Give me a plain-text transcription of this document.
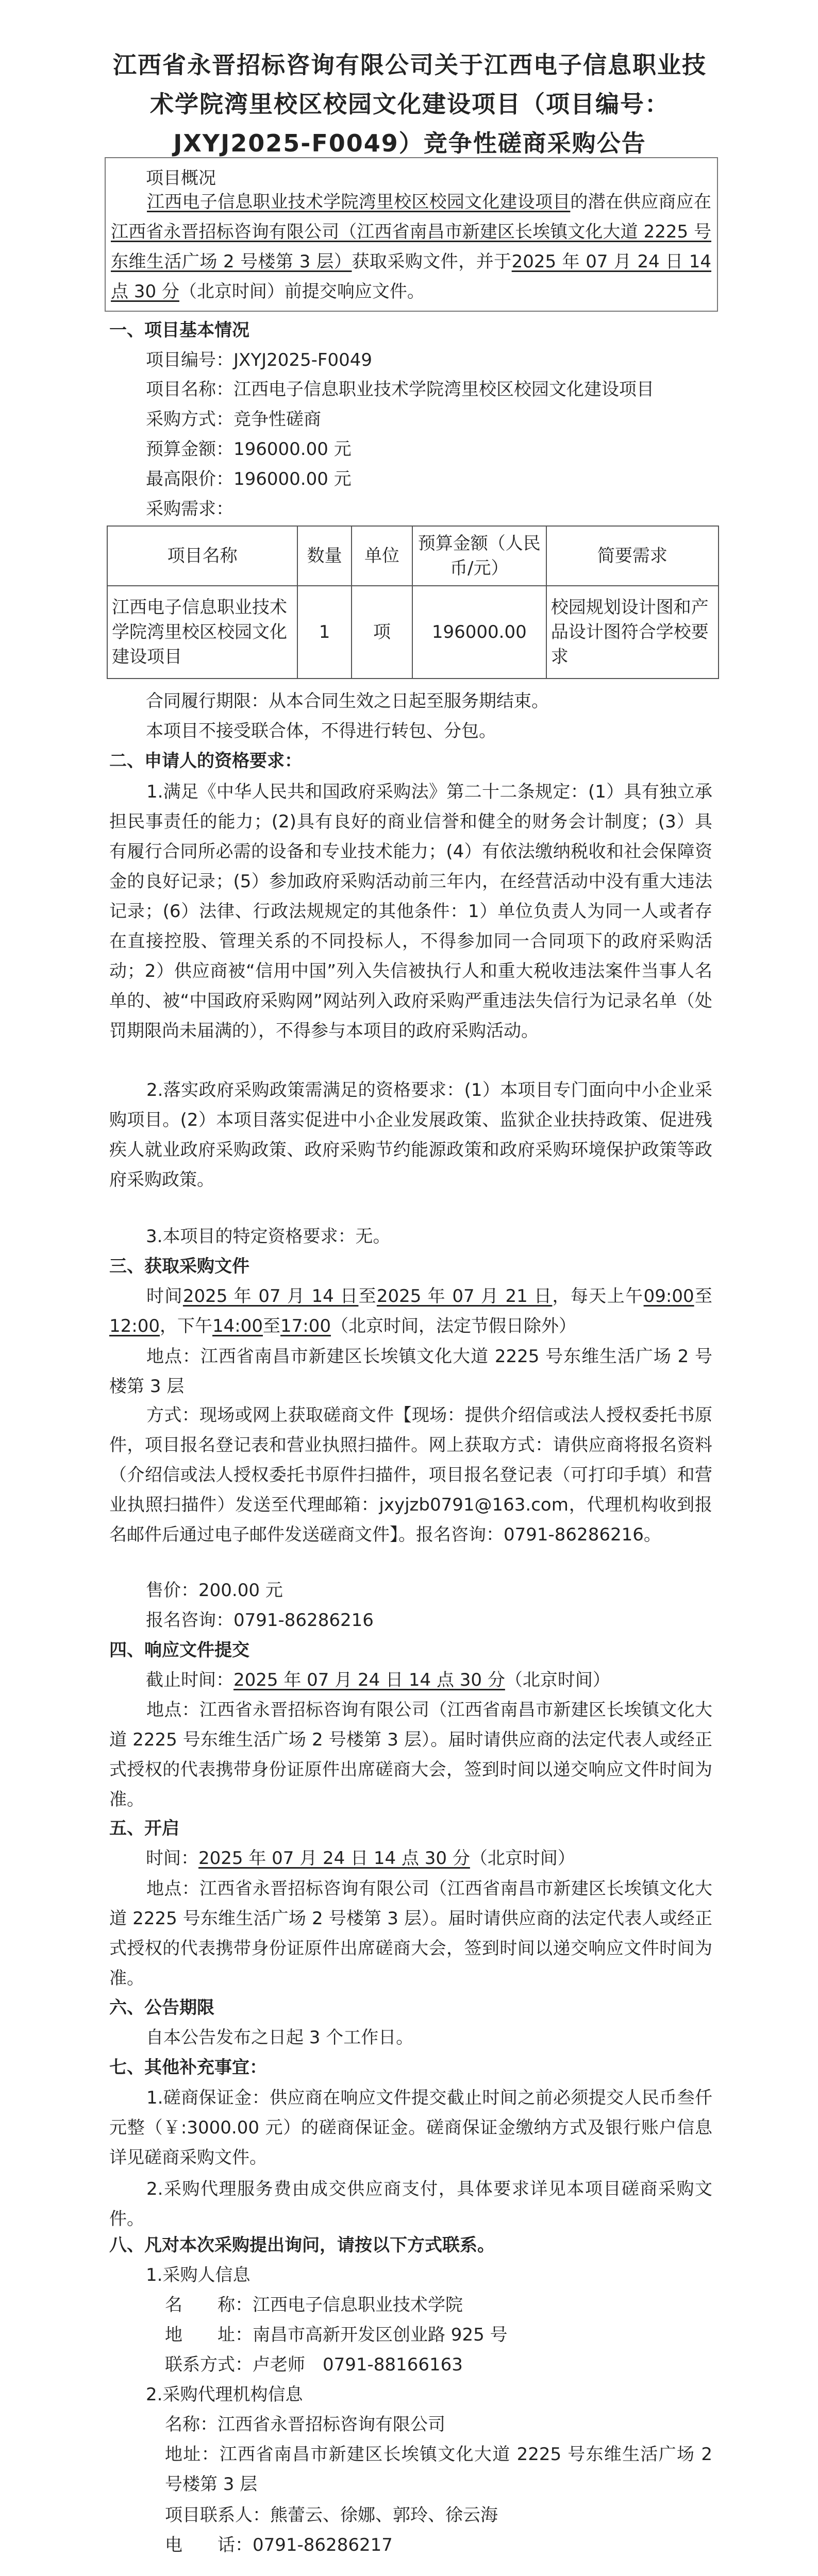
江西省永晋招标咨询有限公司关于江西电子信息职业技术学院湾里校区校园文化建设项目（项目编号：JXYJ2025-F0049）竞争性磋商采购公告

项目概况

江西电子信息职业技术学院湾里校区校园文化建设项目的潜在供应商应在江西省永晋招标咨询有限公司（江西省南昌市新建区长埃镇文化大道 2225 号东维生活广场 2 号楼第 3 层）获取采购文件，并于2025 年 07 月 24 日 14 点 30 分（北京时间）前提交响应文件。

一、项目基本情况

项目编号：JXYJ2025-F0049

项目名称：江西电子信息职业技术学院湾里校区校园文化建设项目

采购方式：竞争性磋商

预算金额：196000.00 元

最高限价：196000.00 元

采购需求：

项目名称	数量	单位	预算金额（人民币/元）	简要需求
江西电子信息职业技术学院湾里校区校园文化建设项目	1	项	196000.00	校园规划设计图和产品设计图符合学校要求

合同履行期限：从本合同生效之日起至服务期结束。

本项目不接受联合体，不得进行转包、分包。

二、申请人的资格要求：

1.满足《中华人民共和国政府采购法》第二十二条规定：(1）具有独立承担民事责任的能力；(2)具有良好的商业信誉和健全的财务会计制度；(3）具有履行合同所必需的设备和专业技术能力；(4）有依法缴纳税收和社会保障资金的良好记录；(5）参加政府采购活动前三年内，在经营活动中没有重大违法记录；(6）法律、行政法规规定的其他条件：1）单位负责人为同一人或者存在直接控股、管理关系的不同投标人，不得参加同一合同项下的政府采购活动；2）供应商被“信用中国”列入失信被执行人和重大税收违法案件当事人名单的、被“中国政府采购网”网站列入政府采购严重违法失信行为记录名单（处罚期限尚未届满的），不得参与本项目的政府采购活动。

2.落实政府采购政策需满足的资格要求：(1）本项目专门面向中小企业采购项目。(2）本项目落实促进中小企业发展政策、监狱企业扶持政策、促进残疾人就业政府采购政策、政府采购节约能源政策和政府采购环境保护政策等政府采购政策。

3.本项目的特定资格要求：无。

三、获取采购文件

时间2025 年 07 月 14 日至2025 年 07 月 21 日，每天上午09:00至12:00，下午14:00至17:00（北京时间，法定节假日除外）

地点：江西省南昌市新建区长埃镇文化大道 2225 号东维生活广场 2 号楼第 3 层

方式：现场或网上获取磋商文件【现场：提供介绍信或法人授权委托书原件，项目报名登记表和营业执照扫描件。网上获取方式：请供应商将报名资料（介绍信或法人授权委托书原件扫描件，项目报名登记表（可打印手填）和营业执照扫描件）发送至代理邮箱：jxyjzb0791@163.com，代理机构收到报名邮件后通过电子邮件发送磋商文件】。报名咨询：0791-86286216。

售价：200.00 元

报名咨询：0791-86286216

四、响应文件提交

截止时间：2025 年 07 月 24 日 14 点 30 分（北京时间）

地点：江西省永晋招标咨询有限公司（江西省南昌市新建区长埃镇文化大道 2225 号东维生活广场 2 号楼第 3 层）。届时请供应商的法定代表人或经正式授权的代表携带身份证原件出席磋商大会，签到时间以递交响应文件时间为准。

五、开启

时间：2025 年 07 月 24 日 14 点 30 分（北京时间）

地点：江西省永晋招标咨询有限公司（江西省南昌市新建区长埃镇文化大道 2225 号东维生活广场 2 号楼第 3 层）。届时请供应商的法定代表人或经正式授权的代表携带身份证原件出席磋商大会，签到时间以递交响应文件时间为准。

六、公告期限

自本公告发布之日起 3 个工作日。

七、其他补充事宜：

1.磋商保证金：供应商在响应文件提交截止时间之前必须提交人民币叁仟元整（￥:3000.00 元）的磋商保证金。磋商保证金缴纳方式及银行账户信息详见磋商采购文件。

2.采购代理服务费由成交供应商支付，具体要求详见本项目磋商采购文件。

八、凡对本次采购提出询问，请按以下方式联系。

1.采购人信息

名　　称：江西电子信息职业技术学院

地　　址：南昌市高新开发区创业路 925 号

联系方式：卢老师　0791-88166163

2.采购代理机构信息

名称：江西省永晋招标咨询有限公司

地址：江西省南昌市新建区长埃镇文化大道 2225 号东维生活广场 2 号楼第 3 层

项目联系人：熊蕾云、徐娜、郭玲、徐云海

电　　话：0791-86286217
